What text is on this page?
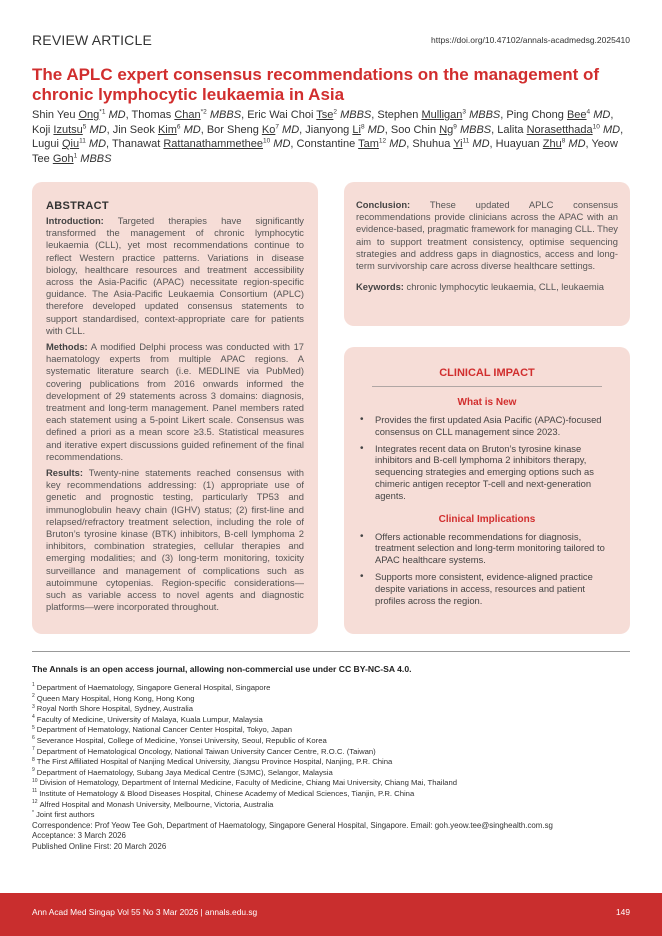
REVIEW ARTICLE	https://doi.org/10.47102/annals-acadmedsg.2025410
The APLC expert consensus recommendations on the management of chronic lymphocytic leukaemia in Asia
Shin Yeu Ong$^{*1}$ MD, Thomas Chan$^{*2}$ MBBS, Eric Wai Choi Tse$^2$ MBBS, Stephen Mulligan$^3$ MBBS, Ping Chong Bee$^4$ MD, Koji Izutsu$^5$ MD, Jin Seok Kim$^6$ MD, Bor Sheng Ko$^7$ MD, Jianyong Li$^8$ MD, Soo Chin Ng$^9$ MBBS, Lalita Norasetthada$^{10}$ MD, Lugui Qiu$^{11}$ MD, Thanawat Rattanathammethee$^{10}$ MD, Constantine Tam$^{12}$ MD, Shuhua Yi$^{11}$ MD, Huayuan Zhu$^8$ MD, Yeow Tee Goh$^1$ MBBS
ABSTRACT

Introduction: Targeted therapies have significantly transformed the management of chronic lymphocytic leukaemia (CLL), yet most recommendations continue to reflect Western practice patterns. Variations in disease biology, healthcare resources and treatment accessibility across the Asia-Pacific (APAC) necessitate region-specific guidance. The Asia-Pacific Leukaemia Consortium (APLC) therefore developed updated consensus statements to support standardised, context-appropriate care for patients with CLL.

Methods: A modified Delphi process was conducted with 17 haematology experts from multiple APAC regions. A systematic literature search (i.e. MEDLINE via PubMed) covering publications from 2016 onwards informed the development of 29 statements across 3 domains: diagnosis, treatment and long-term management. Panel members rated each statement using a 5-point Likert scale. Consensus was defined a priori as a mean score ≥3.5. Statistical measures and iterative expert discussions guided refinement of the final recommendations.

Results: Twenty-nine statements reached consensus with key recommendations addressing: (1) appropriate use of genetic and prognostic testing, particularly TP53 and immunoglobulin heavy chain (IGHV) status; (2) first-line and relapsed/refractory treatment selection, including the role of Bruton’s tyrosine kinase (BTK) inhibitors, B-cell lymphoma 2 inhibitors, combination strategies, cellular therapies and emerging modalities; and (3) long-term monitoring, toxicity surveillance and management of complications such as autoimmune cytopenias. Region-specific considerations—such as variable access to novel agents and diagnostic platforms—were incorporated throughout.

Conclusion: These updated APLC consensus recommendations provide clinicians across the APAC with an evidence-based, pragmatic framework for managing CLL. They aim to support treatment consistency, optimise sequencing strategies and address gaps in diagnostics, access and long-term survivorship care across diverse healthcare settings.

Keywords: chronic lymphocytic leukaemia, CLL, leukaemia

CLINICAL IMPACT
What is New
• Provides the first updated Asia Pacific (APAC)-focused consensus on CLL management since 2023.
• Integrates recent data on Bruton’s tyrosine kinase inhibitors and B-cell lymphoma 2 inhibitors therapy, sequencing strategies and emerging options such as chimeric antigen receptor T-cell and next-generation agents.
Clinical Implications
• Offers actionable recommendations for diagnosis, treatment selection and long-term monitoring tailored to APAC healthcare systems.
• Supports more consistent, evidence-aligned practice despite variations in access, resources and patient profiles across the region.
The Annals is an open access journal, allowing non-commercial use under CC BY-NC-SA 4.0.
$^1$ Department of Haematology, Singapore General Hospital, Singapore
$^2$ Queen Mary Hospital, Hong Kong, Hong Kong
$^3$ Royal North Shore Hospital, Sydney, Australia
$^4$ Faculty of Medicine, University of Malaya, Kuala Lumpur, Malaysia
$^5$ Department of Hematology, National Cancer Center Hospital, Tokyo, Japan
$^6$ Severance Hospital, College of Medicine, Yonsei University, Seoul, Republic of Korea
$^7$ Department of Hematological Oncology, National Taiwan University Cancer Centre, R.O.C. (Taiwan)
$^8$ The First Affiliated Hospital of Nanjing Medical University, Jiangsu Province Hospital, Nanjing, P.R. China
$^9$ Department of Haematology, Subang Jaya Medical Centre (SJMC), Selangor, Malaysia
$^{10}$ Division of Hematology, Department of Internal Medicine, Faculty of Medicine, Chiang Mai University, Chiang Mai, Thailand
$^{11}$ Institute of Hematology & Blood Diseases Hospital, Chinese Academy of Medical Sciences, Tianjin, P.R. China
$^{12}$ Alfred Hospital and Monash University, Melbourne, Victoria, Australia
* Joint first authors
Correspondence: Prof Yeow Tee Goh, Department of Haematology, Singapore General Hospital, Singapore. Email: goh.yeow.tee@singhealth.com.sg
Acceptance: 3 March 2026
Published Online First: 20 March 2026
Ann Acad Med Singap Vol 55 No 3 Mar 2026 | annals.edu.sg	149
